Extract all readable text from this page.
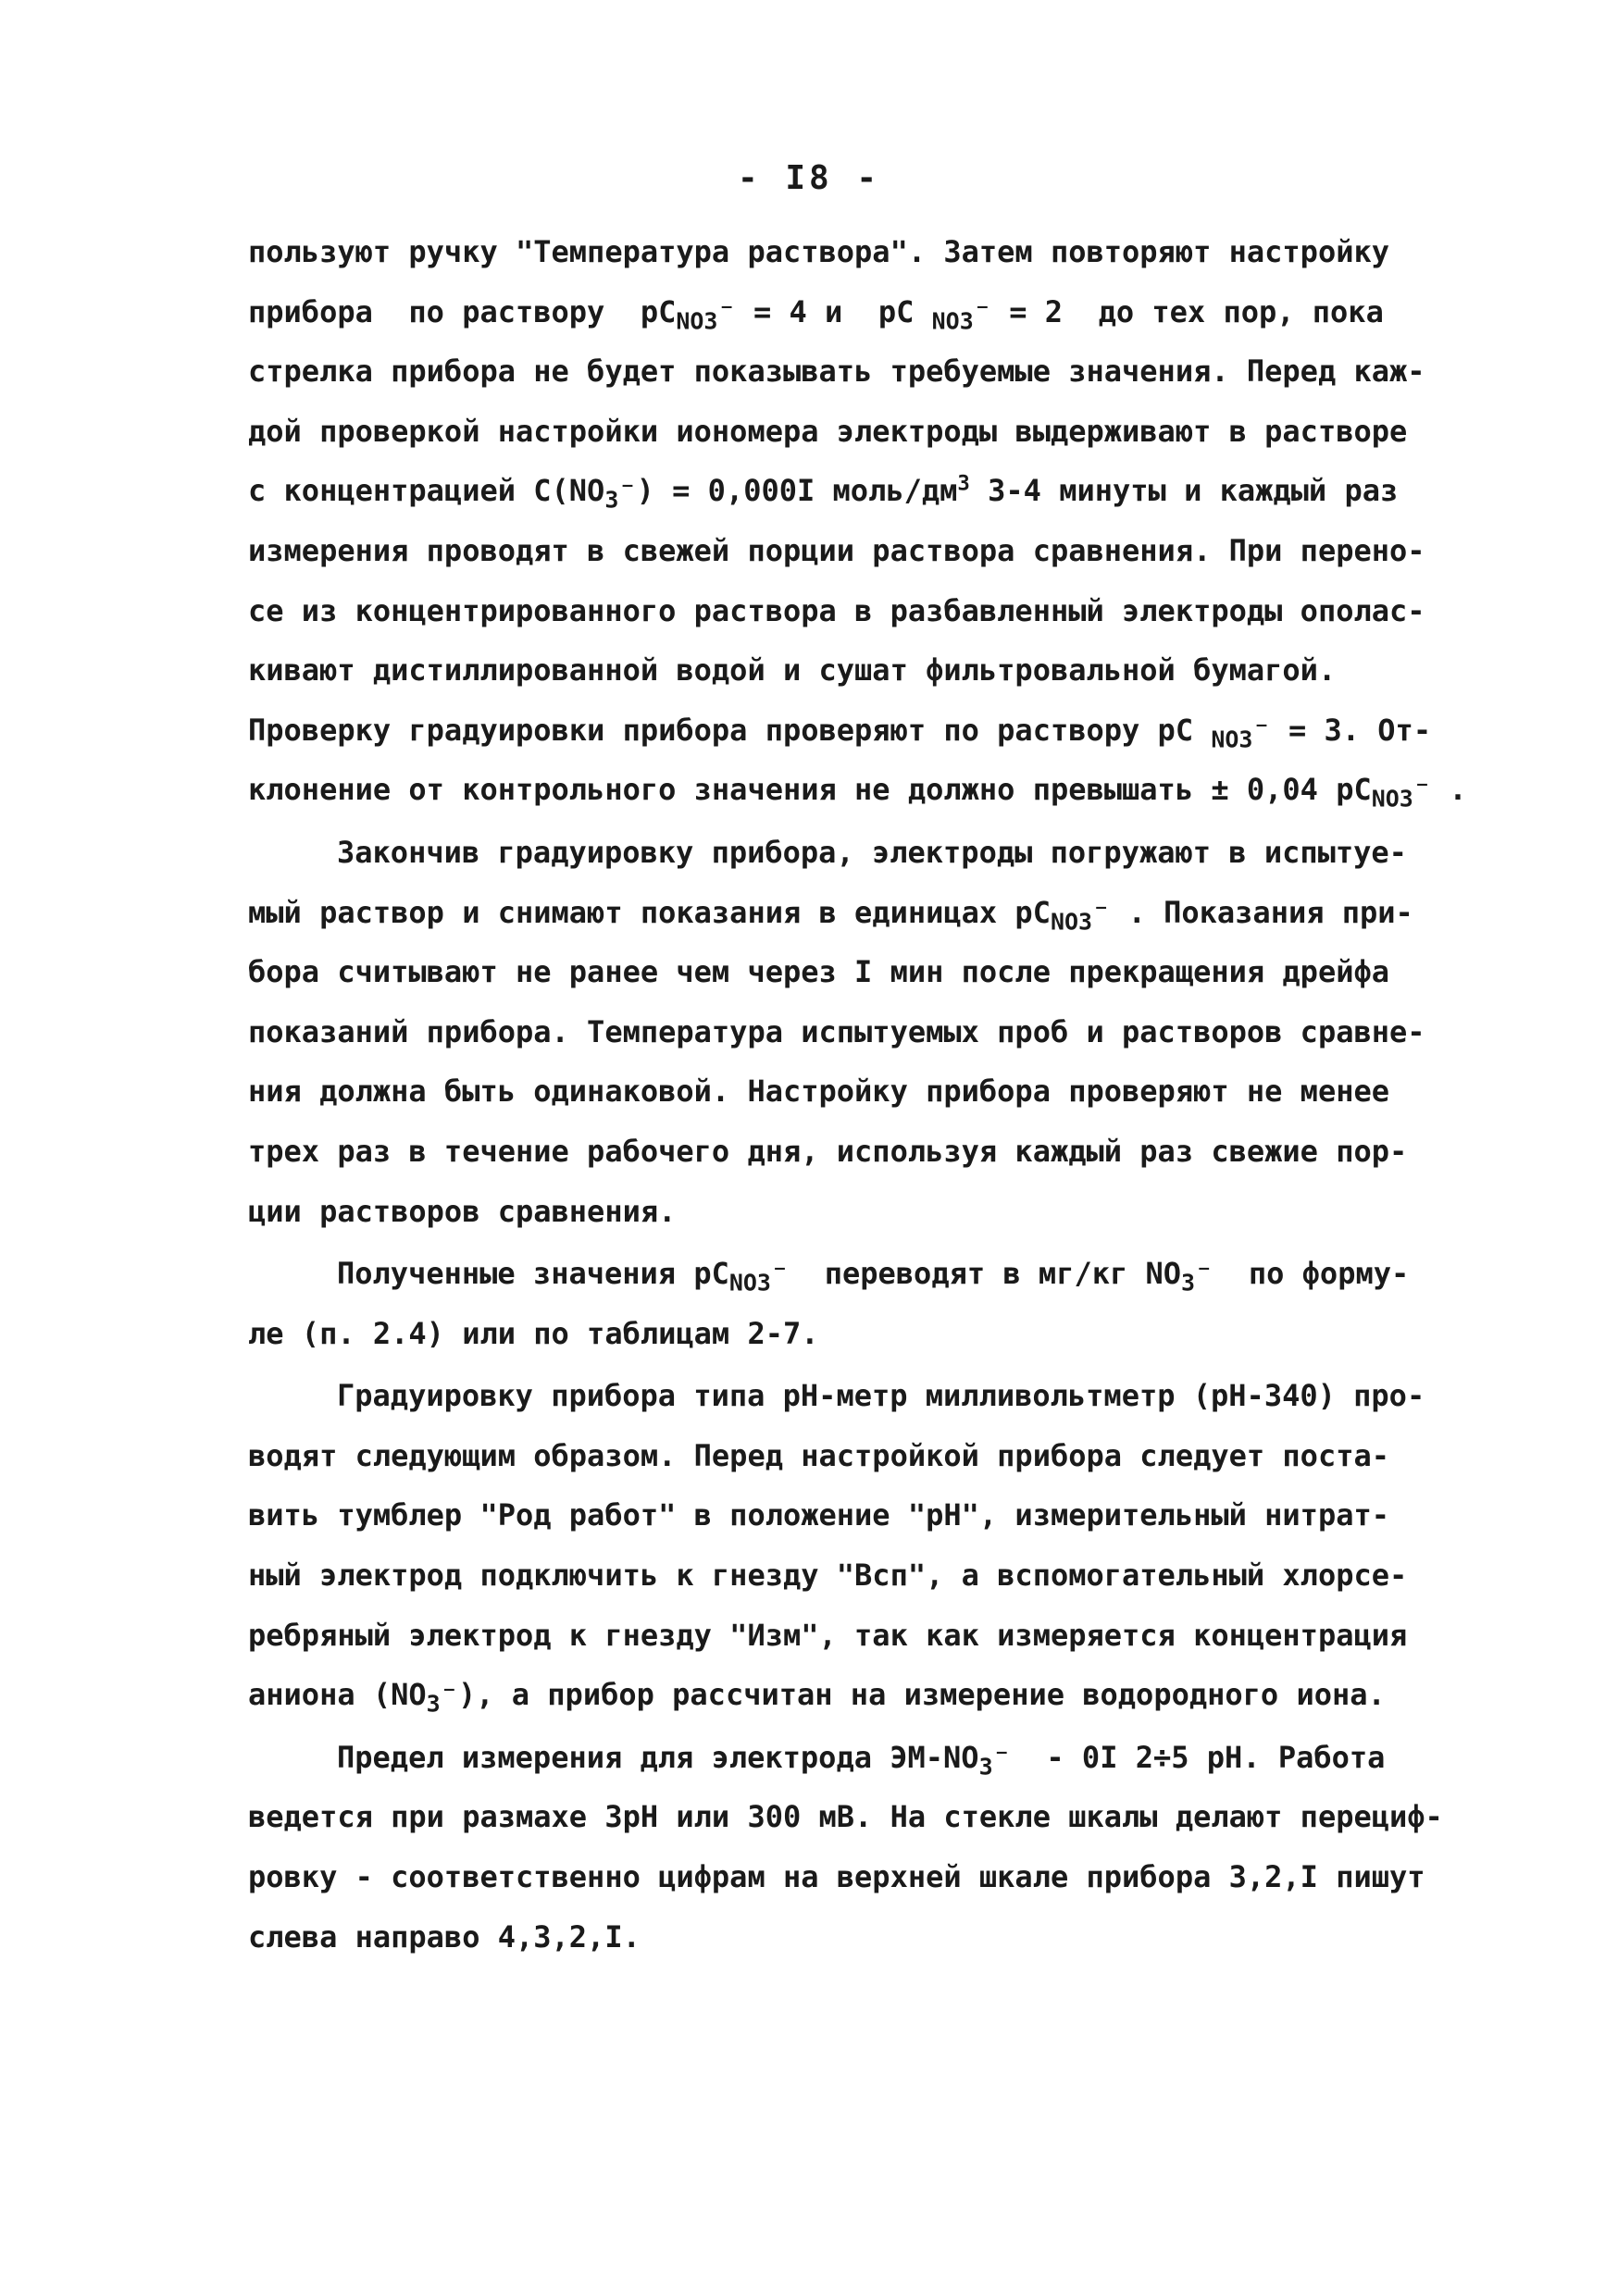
- I8 -
пользуют ручку "Температура раствора". Затем повторяют настройку
прибора  по раствору  $pC_{NO3}^- = 4$ и  pC $_{NO3}$⁻ = 2  до тех пор, пока
стрелка прибора не будет показывать требуемые значения. Перед каж-
дой проверкой настройки иономера электроды выдерживают в растворе
с концентрацией $C(NO_3^-) = 0,000I$ моль/$дм^3$ 3-4 минуты и каждый раз
измерения проводят в свежей порции раствора сравнения. При перено-
се из концентрированного раствора в разбавленный электроды ополас-
кивают дистиллированной водой и сушат фильтровальной бумагой.
Проверку градуировки прибора проверяют по раствору pC $_{NO3}$⁻ = 3. От-
клонение от контрольного значения не должно превышать ± 0,04 $pC_{NO3}^-$ .
Закончив градуировку прибора, электроды погружают в испытуе-
мый раствор и снимают показания в единицах $pC_{NO3}^-$ . Показания при-
бора считывают не ранее чем через I мин после прекращения дрейфа
показаний прибора. Температура испытуемых проб и растворов сравне-
ния должна быть одинаковой. Настройку прибора проверяют не менее
трех раз в течение рабочего дня, используя каждый раз свежие пор-
ции растворов сравнения.
Полученные значения $pC_{NO3}^-$  переводят в мг/кг $NO_3^-$  по форму-
ле (п. 2.4) или по таблицам 2-7.
Градуировку прибора типа pH-метр милливольтметр (pH-340) про-
водят следующим образом. Перед настройкой прибора следует поста-
вить тумблер "Род работ" в положение "pH", измерительный нитрат-
ный электрод подключить к гнезду "Всп", а вспомогательный хлорсе-
ребряный электрод к гнезду "Изм", так как измеряется концентрация
аниона $(NO_3^-)$, а прибор рассчитан на измерение водородного иона.
Предел измерения для электрода $ЭМ-NO_3^- - 0I$ 2÷5 pH. Работа
ведется при размахе 3pH или 300 мВ. На стекле шкалы делают перециф-
ровку - соответственно цифрам на верхней шкале прибора 3,2,I пишут
слева направо 4,3,2,I.
